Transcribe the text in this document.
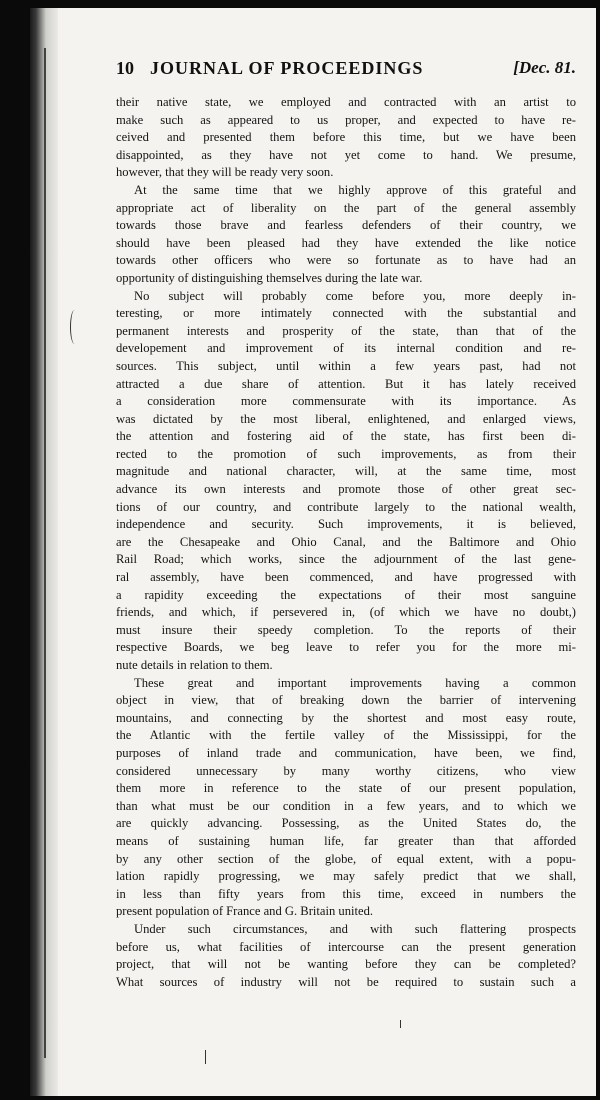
10 JOURNAL OF PROCEEDINGS	[Dec. 81.
their native state, we employed and contracted with an artist to
make such as appeared to us proper, and expected to have re-
ceived and presented them before this time, but we have been
disappointed, as they have not yet come to hand. We presume,
however, that they will be ready very soon.
At the same time that we highly approve of this grateful and
appropriate act of liberality on the part of the general assembly
towards those brave and fearless defenders of their country, we
should have been pleased had they have extended the like notice
towards other officers who were so fortunate as to have had an
opportunity of distinguishing themselves during the late war.
No subject will probably come before you, more deeply in-
teresting, or more intimately connected with the substantial and
permanent interests and prosperity of the state, than that of the
developement and improvement of its internal condition and re-
sources. This subject, until within a few years past, had not
attracted a due share of attention. But it has lately received
a consideration more commensurate with its importance. As
was dictated by the most liberal, enlightened, and enlarged views,
the attention and fostering aid of the state, has first been di-
rected to the promotion of such improvements, as from their
magnitude and national character, will, at the same time, most
advance its own interests and promote those of other great sec-
tions of our country, and contribute largely to the national wealth,
independence and security. Such improvements, it is believed,
are the Chesapeake and Ohio Canal, and the Baltimore and Ohio
Rail Road; which works, since the adjournment of the last gene-
ral assembly, have been commenced, and have progressed with
a rapidity exceeding the expectations of their most sanguine
friends, and which, if persevered in, (of which we have no doubt,)
must insure their speedy completion. To the reports of their
respective Boards, we beg leave to refer you for the more mi-
nute details in relation to them.
These great and important improvements having a common
object in view, that of breaking down the barrier of intervening
mountains, and connecting by the shortest and most easy route,
the Atlantic with the fertile valley of the Mississippi, for the
purposes of inland trade and communication, have been, we find,
considered unnecessary by many worthy citizens, who view
them more in reference to the state of our present population,
than what must be our condition in a few years, and to which we
are quickly advancing. Possessing, as the United States do, the
means of sustaining human life, far greater than that afforded
by any other section of the globe, of equal extent, with a popu-
lation rapidly progressing, we may safely predict that we shall,
in less than fifty years from this time, exceed in numbers the
present population of France and G. Britain united.
Under such circumstances, and with such flattering prospects
before us, what facilities of intercourse can the present generation
project, that will not be wanting before they can be completed?
What sources of industry will not be required to sustain such a
